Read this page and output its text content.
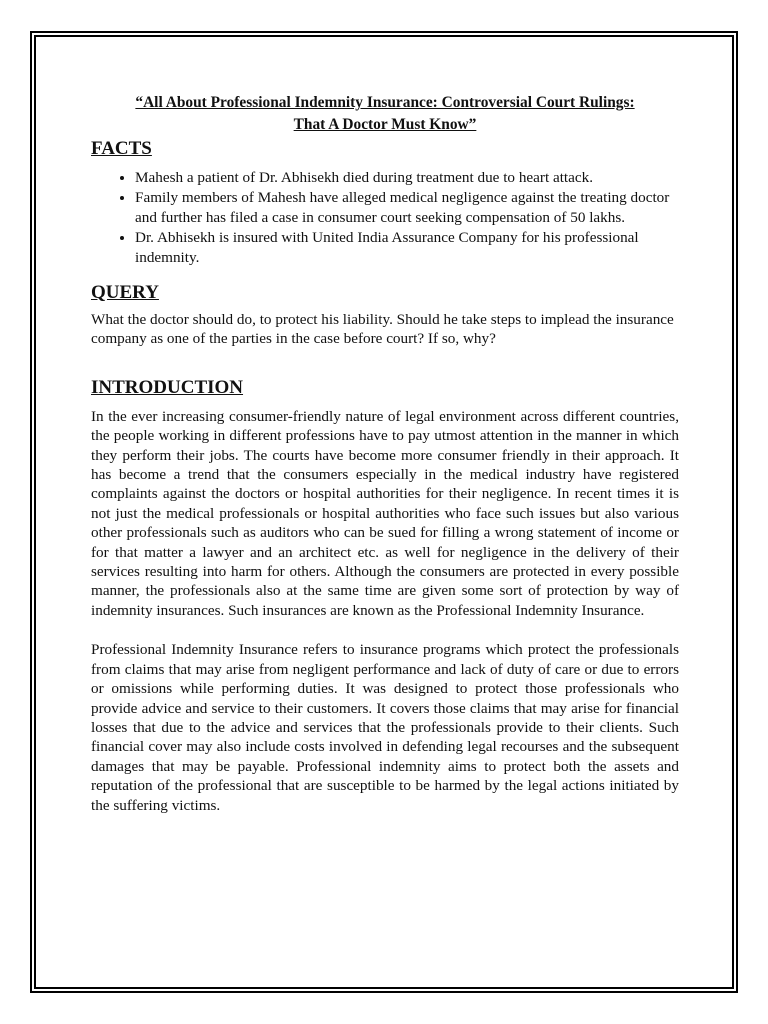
“All About Professional Indemnity Insurance: Controversial Court Rulings:
That A Doctor Must Know”
FACTS
• Mahesh a patient of Dr. Abhisekh died during treatment due to heart attack.
• Family members of Mahesh have alleged medical negligence against the treating doctor and further has filed a case in consumer court seeking compensation of 50 lakhs.
• Dr. Abhisekh is insured with United India Assurance Company for his professional indemnity.
QUERY

What the doctor should do, to protect his liability. Should he take steps to implead the insurance company as one of the parties in the case before court? If so, why?

INTRODUCTION

In the ever increasing consumer-friendly nature of legal environment across different countries, the people working in different professions have to pay utmost attention in the manner in which they perform their jobs. The courts have become more consumer friendly in their approach. It has become a trend that the consumers especially in the medical industry have registered complaints against the doctors or hospital authorities for their negligence. In recent times it is not just the medical professionals or hospital authorities who face such issues but also various other professionals such as auditors who can be sued for filling a wrong statement of income or for that matter a lawyer and an architect etc. as well for negligence in the delivery of their services resulting into harm for others. Although the consumers are protected in every possible manner, the professionals also at the same time are given some sort of protection by way of indemnity insurances. Such insurances are known as the Professional Indemnity Insurance.

Professional Indemnity Insurance refers to insurance programs which protect the professionals from claims that may arise from negligent performance and lack of duty of care or due to errors or omissions while performing duties. It was designed to protect those professionals who provide advice and service to their customers. It covers those claims that may arise for financial losses that due to the advice and services that the professionals provide to their clients. Such financial cover may also include costs involved in defending legal recourses and the subsequent damages that may be payable. Professional indemnity aims to protect both the assets and reputation of the professional that are susceptible to be harmed by the legal actions initiated by the suffering victims.
